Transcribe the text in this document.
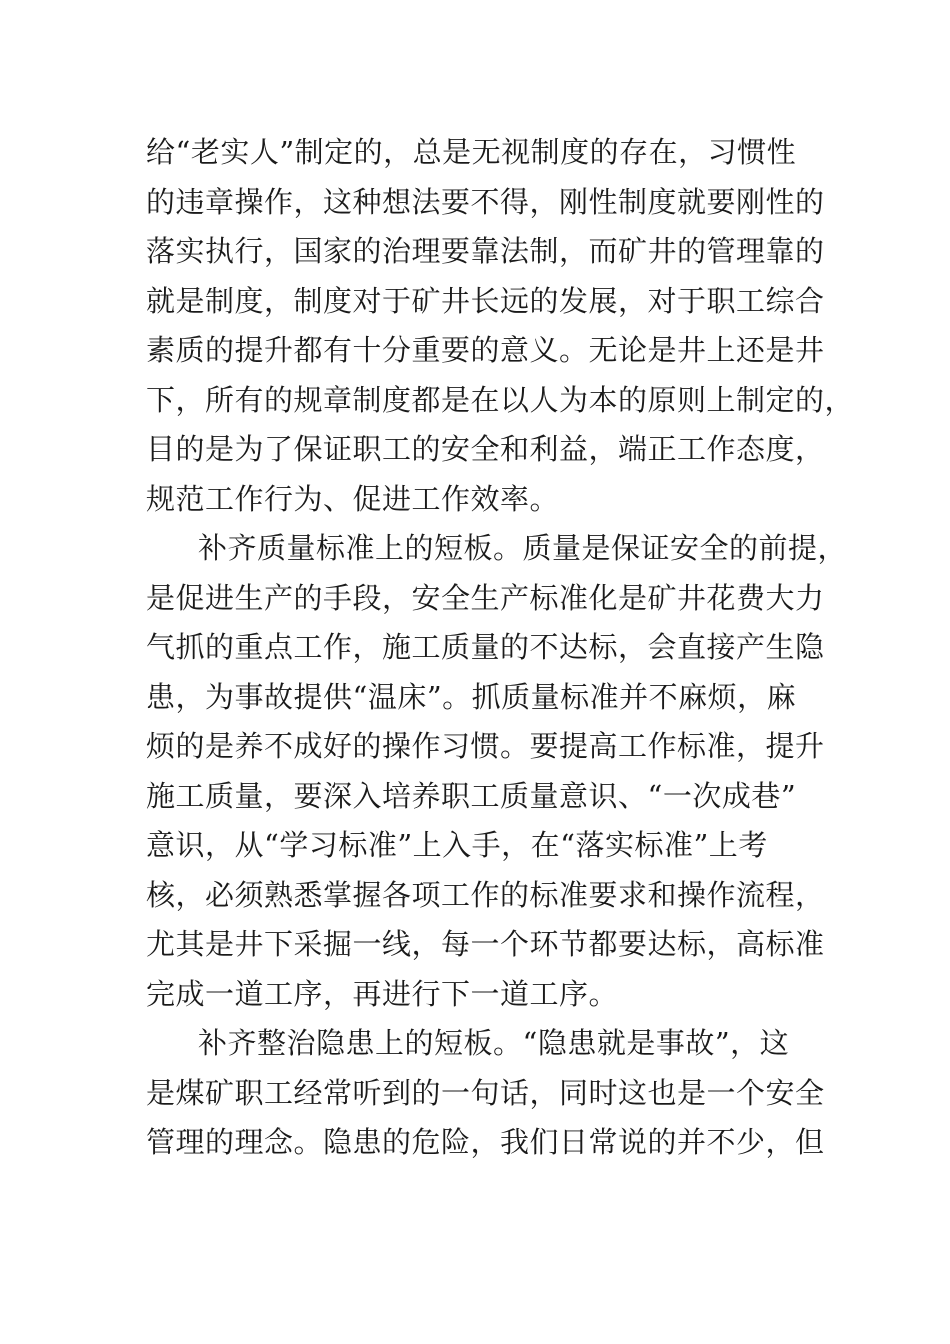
给“老实人”制定的，总是无视制度的存在，习惯性
的违章操作，这种想法要不得，刚性制度就要刚性的
落实执行，国家的治理要靠法制，而矿井的管理靠的
就是制度，制度对于矿井长远的发展，对于职工综合
素质的提升都有十分重要的意义。无论是井上还是井
下，所有的规章制度都是在以人为本的原则上制定的，
目的是为了保证职工的安全和利益，端正工作态度，
规范工作行为、促进工作效率。
补齐质量标准上的短板。质量是保证安全的前提，
是促进生产的手段，安全生产标准化是矿井花费大力
气抓的重点工作，施工质量的不达标，会直接产生隐
患，为事故提供“温床”。抓质量标准并不麻烦，麻
烦的是养不成好的操作习惯。要提高工作标准，提升
施工质量，要深入培养职工质量意识、“一次成巷”
意识，从“学习标准”上入手，在“落实标准”上考
核，必须熟悉掌握各项工作的标准要求和操作流程，
尤其是井下采掘一线，每一个环节都要达标，高标准
完成一道工序，再进行下一道工序。
补齐整治隐患上的短板。“隐患就是事故”，这
是煤矿职工经常听到的一句话，同时这也是一个安全
管理的理念。隐患的危险，我们日常说的并不少，但
